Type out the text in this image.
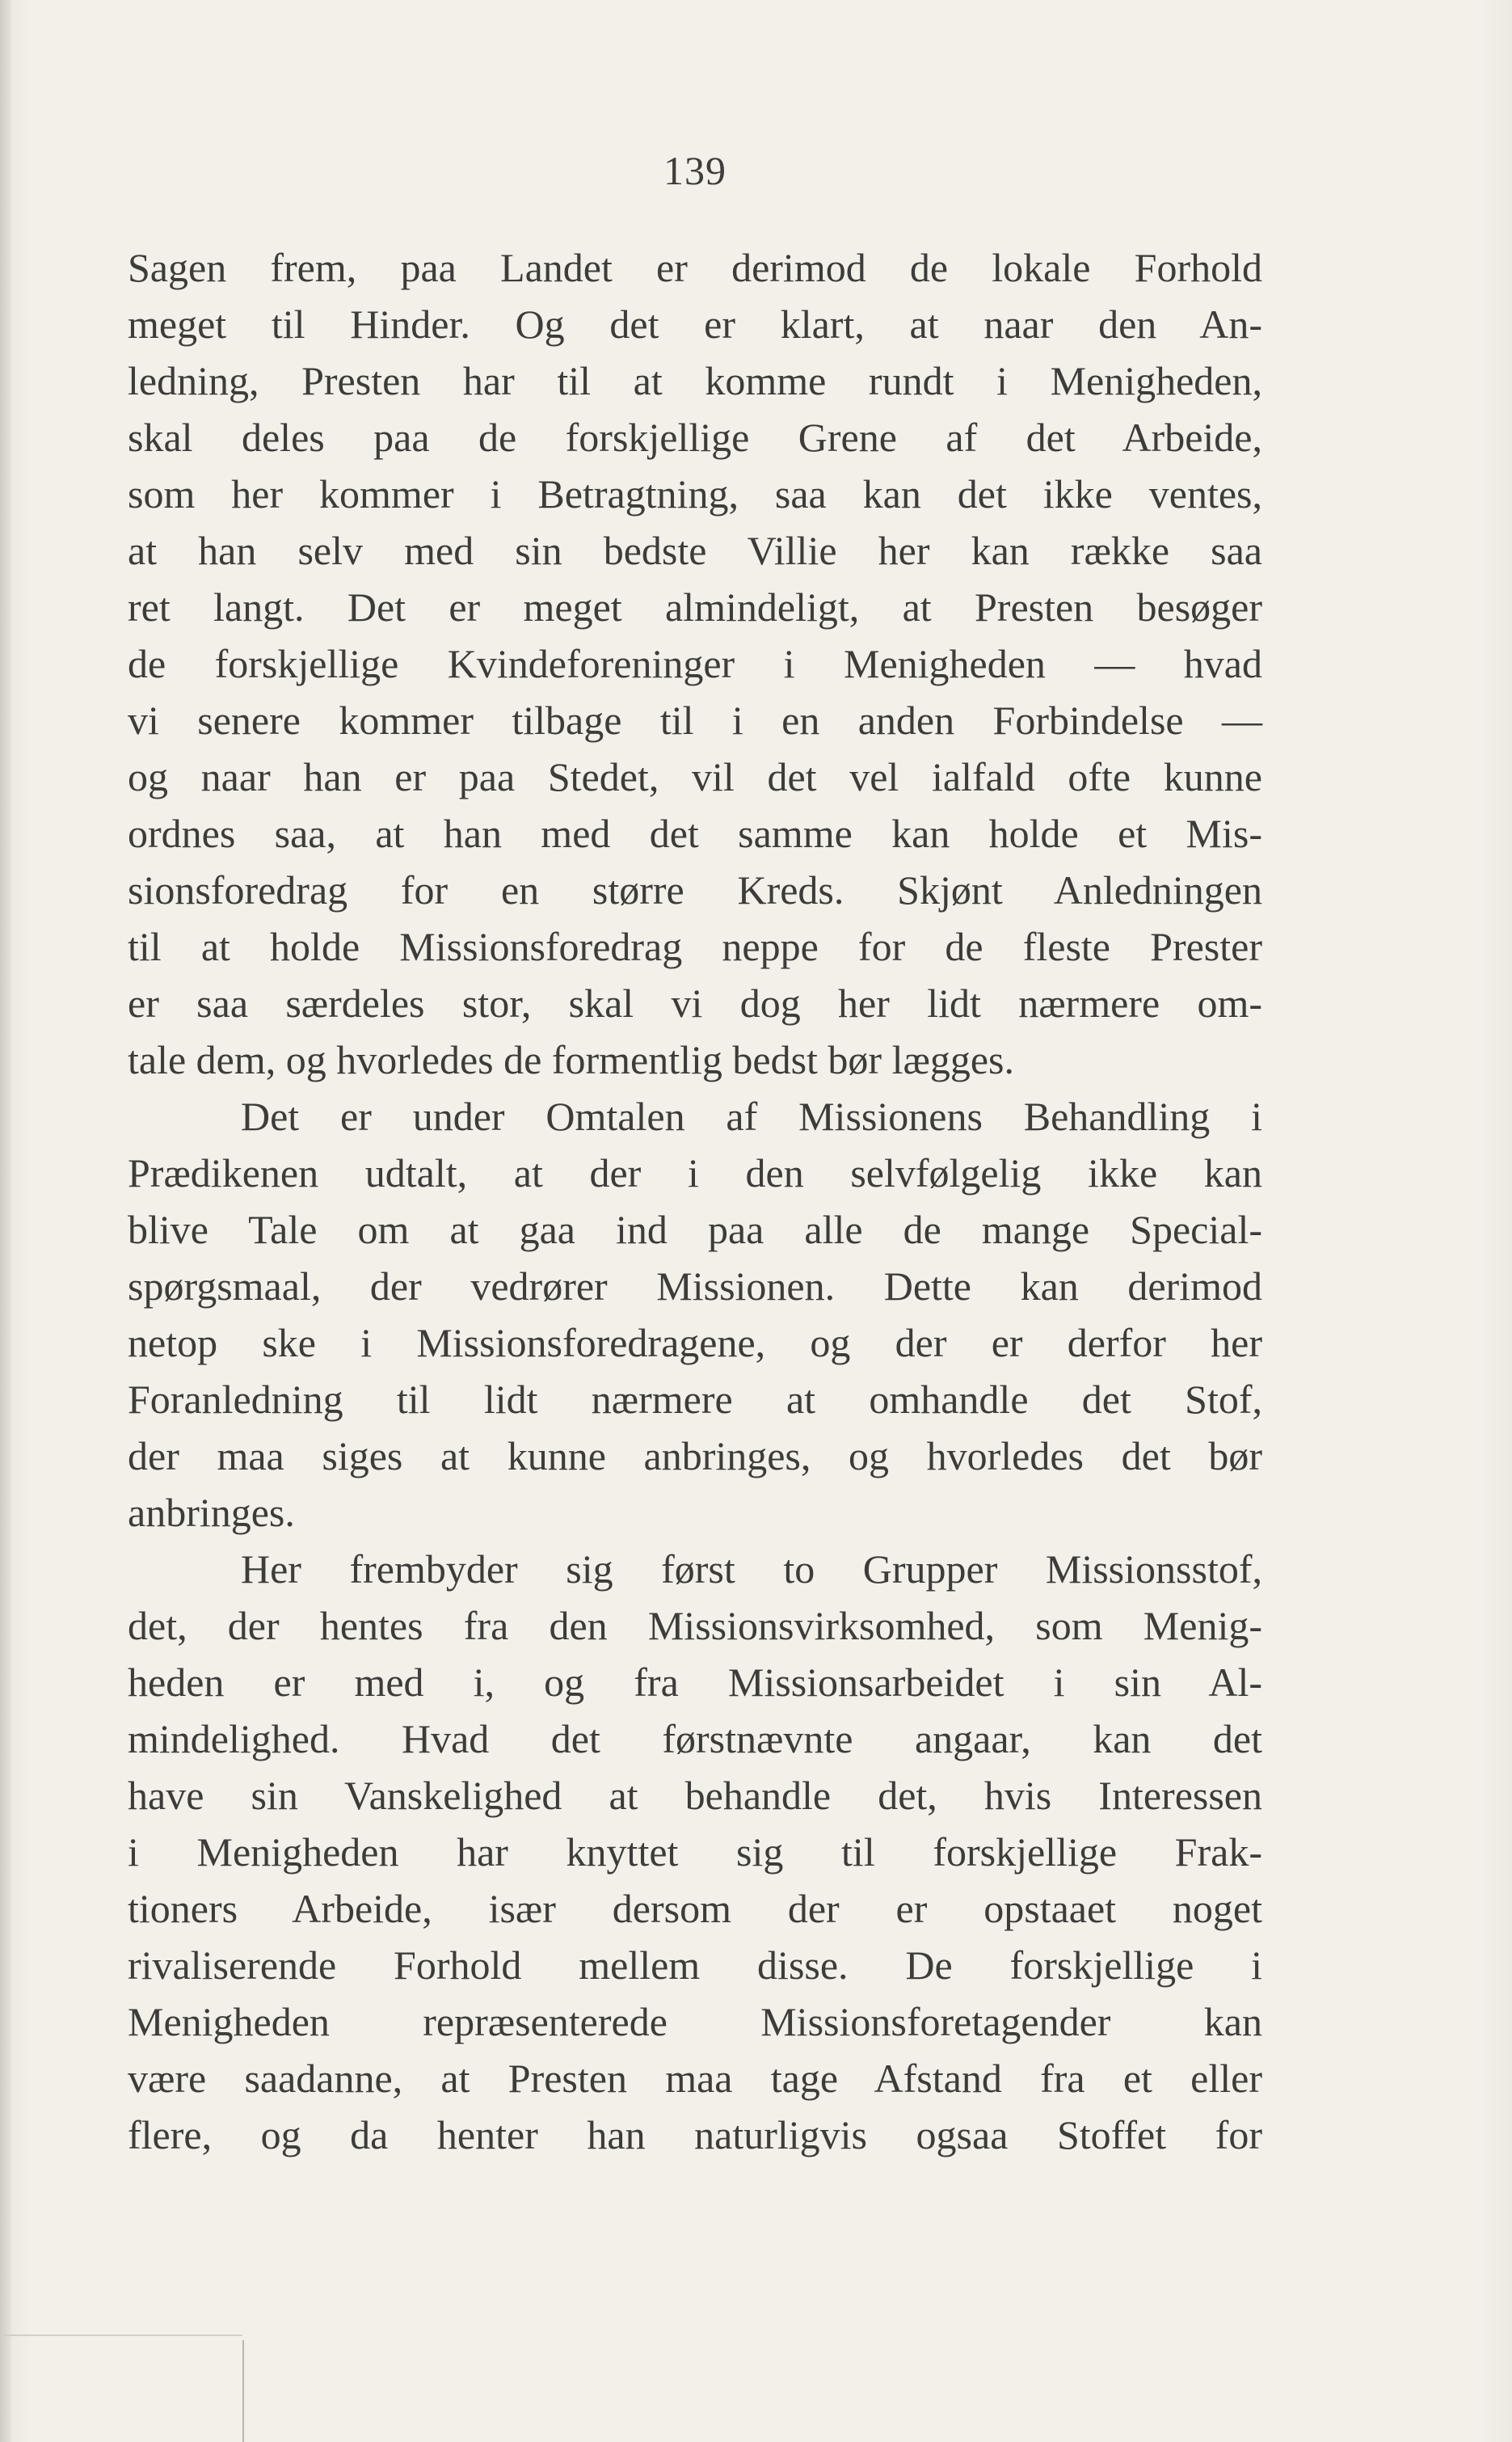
139
Sagen frem, paa Landet er derimod de lokale Forhold
meget til Hinder. Og det er klart, at naar den An-
ledning, Presten har til at komme rundt i Menigheden,
skal deles paa de forskjellige Grene af det Arbeide,
som her kommer i Betragtning, saa kan det ikke ventes,
at han selv med sin bedste Villie her kan række saa
ret langt. Det er meget almindeligt, at Presten besøger
de forskjellige Kvindeforeninger i Menigheden — hvad
vi senere kommer tilbage til i en anden Forbindelse —
og naar han er paa Stedet, vil det vel ialfald ofte kunne
ordnes saa, at han med det samme kan holde et Mis-
sionsforedrag for en større Kreds. Skjønt Anledningen
til at holde Missionsforedrag neppe for de fleste Prester
er saa særdeles stor, skal vi dog her lidt nærmere om-
tale dem, og hvorledes de formentlig bedst bør lægges.
Det er under Omtalen af Missionens Behandling i
Prædikenen udtalt, at der i den selvfølgelig ikke kan
blive Tale om at gaa ind paa alle de mange Special-
spørgsmaal, der vedrører Missionen. Dette kan derimod
netop ske i Missionsforedragene, og der er derfor her
Foranledning til lidt nærmere at omhandle det Stof,
der maa siges at kunne anbringes, og hvorledes det bør
anbringes.
Her frembyder sig først to Grupper Missionsstof,
det, der hentes fra den Missionsvirksomhed, som Menig-
heden er med i, og fra Missionsarbeidet i sin Al-
mindelighed. Hvad det førstnævnte angaar, kan det
have sin Vanskelighed at behandle det, hvis Interessen
i Menigheden har knyttet sig til forskjellige Frak-
tioners Arbeide, især dersom der er opstaaet noget
rivaliserende Forhold mellem disse. De forskjellige i
Menigheden repræsenterede Missionsforetagender kan
være saadanne, at Presten maa tage Afstand fra et eller
flere, og da henter han naturligvis ogsaa Stoffet for
